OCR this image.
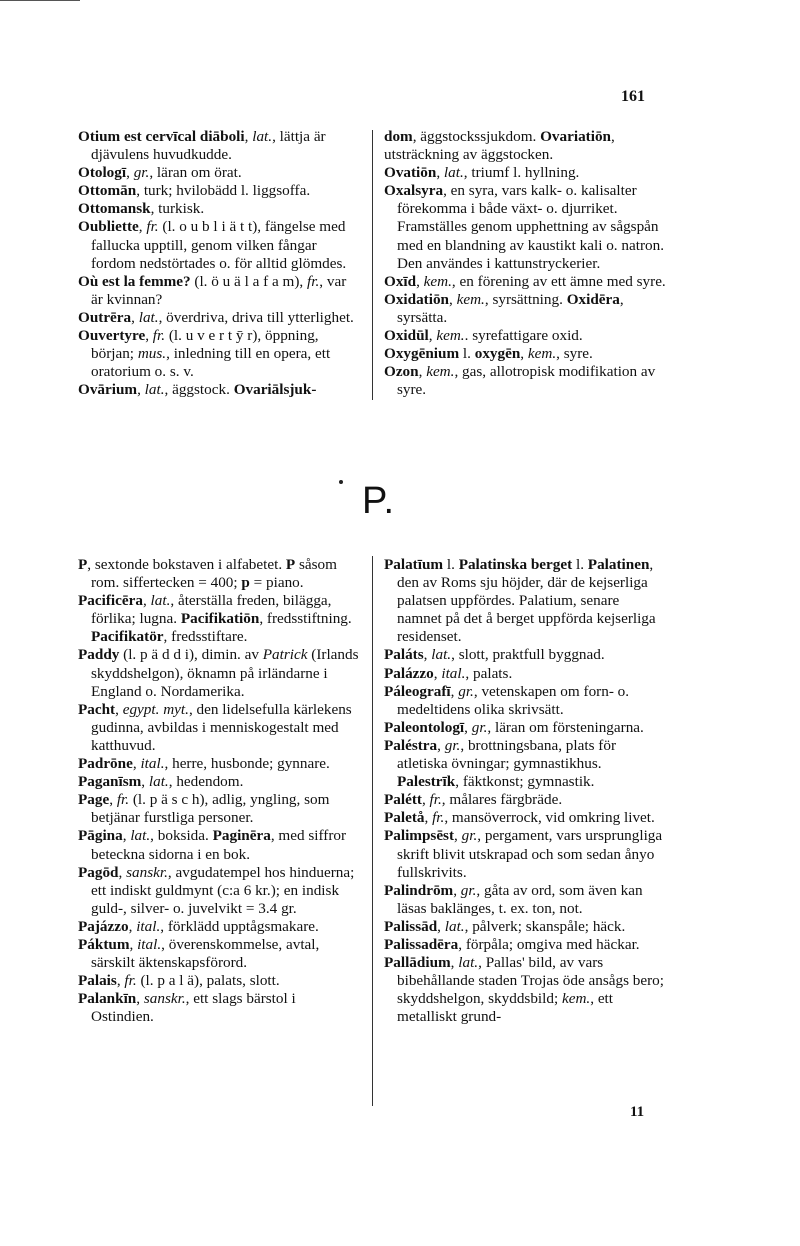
161

Otium est cervīcal diāboli, lat., lättja är djävulens huvudkudde.

Otologī, gr., läran om örat.

Ottomān, turk; hvilobädd l. liggsoffa.

Ottomansk, turkisk.

Oubliette, fr. (l. o u b l i ä t t), fängelse med fallucka upptill, genom vilken fångar fordom nedstörtades o. för alltid glömdes.

Où est la femme? (l. ö u ä l a f a m), fr., var är kvinnan?

Outrēra, lat., överdriva, driva till ytterlighet.

Ouvertyre, fr. (l. u v e r t ȳ r), öppning, början; mus., inledning till en opera, ett oratorium o. s. v.

Ovārium, lat., äggstock. Ovariālsjuk-

dom, äggstockssjukdom. Ovariatiōn, utsträckning av äggstocken.

Ovatiōn, lat., triumf l. hyllning.

Oxalsyra, en syra, vars kalk- o. kalisalter förekomma i både växt- o. djurriket. Framställes genom upphettning av sågspån med en blandning av kaustikt kali o. natron. Den användes i kattunstryckerier.

Oxīd, kem., en förening av ett ämne med syre.

Oxidatiōn, kem., syrsättning. Oxidēra, syrsätta.

Oxidūl, kem.. syrefattigare oxid.

Oxygēnium l. oxygēn, kem., syre.

Ozon, kem., gas, allotropisk modifikation av syre.

P.

P, sextonde bokstaven i alfabetet. P såsom rom. siffertecken = 400; p = piano.

Pacificēra, lat., återställa freden, bilägga, förlika; lugna. Pacifikatiōn, fredsstiftning. Pacifikatör, fredsstiftare.

Paddy (l. p ä d d i), dimin. av Patrick (Irlands skyddshelgon), öknamn på irländarne i England o. Nordamerika.

Pacht, egypt. myt., den lidelsefulla kärlekens gudinna, avbildas i menniskogestalt med katthuvud.

Padrōne, ital., herre, husbonde; gynnare.

Paganīsm, lat., hedendom.

Page, fr. (l. p ä s c h), adlig, yngling, som betjänar furstliga personer.

Pāgina, lat., boksida. Paginēra, med siffror beteckna sidorna i en bok.

Pagōd, sanskr., avgudatempel hos hinduerna; ett indiskt guldmynt (c:a 6 kr.); en indisk guld-, silver- o. juvelvikt = 3.4 gr.

Pajázzo, ital., förklädd upptågsmakare.

Páktum, ital., överenskommelse, avtal, särskilt äktenskapsförord.

Palais, fr. (l. p a l ä), palats, slott.

Palankīn, sanskr., ett slags bärstol i Ostindien.

Palatīum l. Palatinska berget l. Palatinen, den av Roms sju höjder, där de kejserliga palatsen uppfördes. Palatium, senare namnet på det å berget uppförda kejserliga residenset.

Paláts, lat., slott, praktfull byggnad.

Palázzo, ital., palats.

Páleografī, gr., vetenskapen om forn- o. medeltidens olika skrivsätt.

Paleontologī, gr., läran om försteningarna.

Paléstra, gr., brottningsbana, plats för atletiska övningar; gymnastikhus. Palestrīk, fäktkonst; gymnastik.

Palétt, fr., målares färgbräde.

Paletå, fr., mansöverrock, vid omkring livet.

Palimpsēst, gr., pergament, vars ursprungliga skrift blivit utskrapad och som sedan ånyo fullskrivits.

Palindrōm, gr., gåta av ord, som även kan läsas baklänges, t. ex. ton, not.

Palissād, lat., pålverk; skanspåle; häck.

Palissadēra, förpåla; omgiva med häckar.

Pallādium, lat., Pallas' bild, av vars bibehållande staden Trojas öde ansågs bero; skyddshelgon, skyddsbild; kem., ett metalliskt grund-

11
